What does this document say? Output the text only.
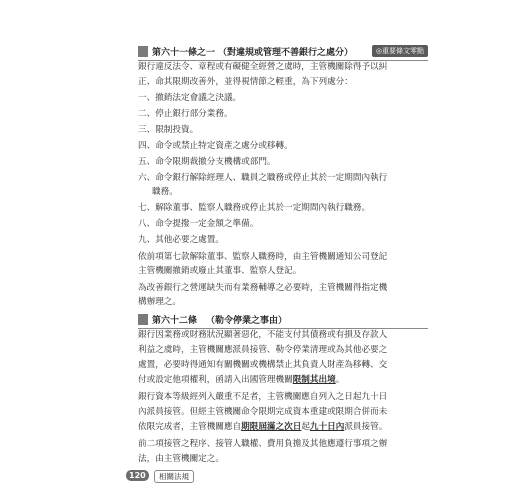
第六十一條之一 （對違規或管理不善銀行之處分）	◎重要條文零點
銀行違反法令、章程或有礙健全經營之虞時，主管機關除得予以糾
正、命其限期改善外，並得視情節之輕重，為下列處分：
一、撤銷法定會議之決議。
二、停止銀行部分業務。
三、限制投資。
四、命令或禁止特定資產之處分或移轉。
五、命令限期裁撤分支機構或部門。
六、命令銀行解除經理人、職員之職務或停止其於一定期間內執行
職務。
七、解除董事、監察人職務或停止其於一定期間內執行職務。
八、命令提撥一定金額之準備。
九、其他必要之處置。
依前項第七款解除董事、監察人職務時，由主管機關通知公司登記
主管機關撤銷或廢止其董事、監察人登記。
為改善銀行之營運缺失而有業務輔導之必要時，主管機關得指定機
構辦理之。
第六十二條 （勒令停業之事由）
銀行因業務或財務狀況顯著惡化，不能支付其債務或有損及存款人
利益之虞時，主管機關應派員接管、勒令停業清理或為其他必要之
處置，必要時得通知有關機關或機構禁止其負責人財產為移轉、交
付或設定他項權利，函請入出國管理機關限制其出境。
銀行資本等級經列入嚴重不足者，主管機關應自列入之日起九十日
內派員接管。但經主管機關命令限期完成資本重建或限期合併而未
依限完成者，主管機關應自期限屆滿之次日起九十日內派員接管。
前二項接管之程序、接管人職權、費用負擔及其他應遵行事項之辦
法，由主管機關定之。
120	相關法規
